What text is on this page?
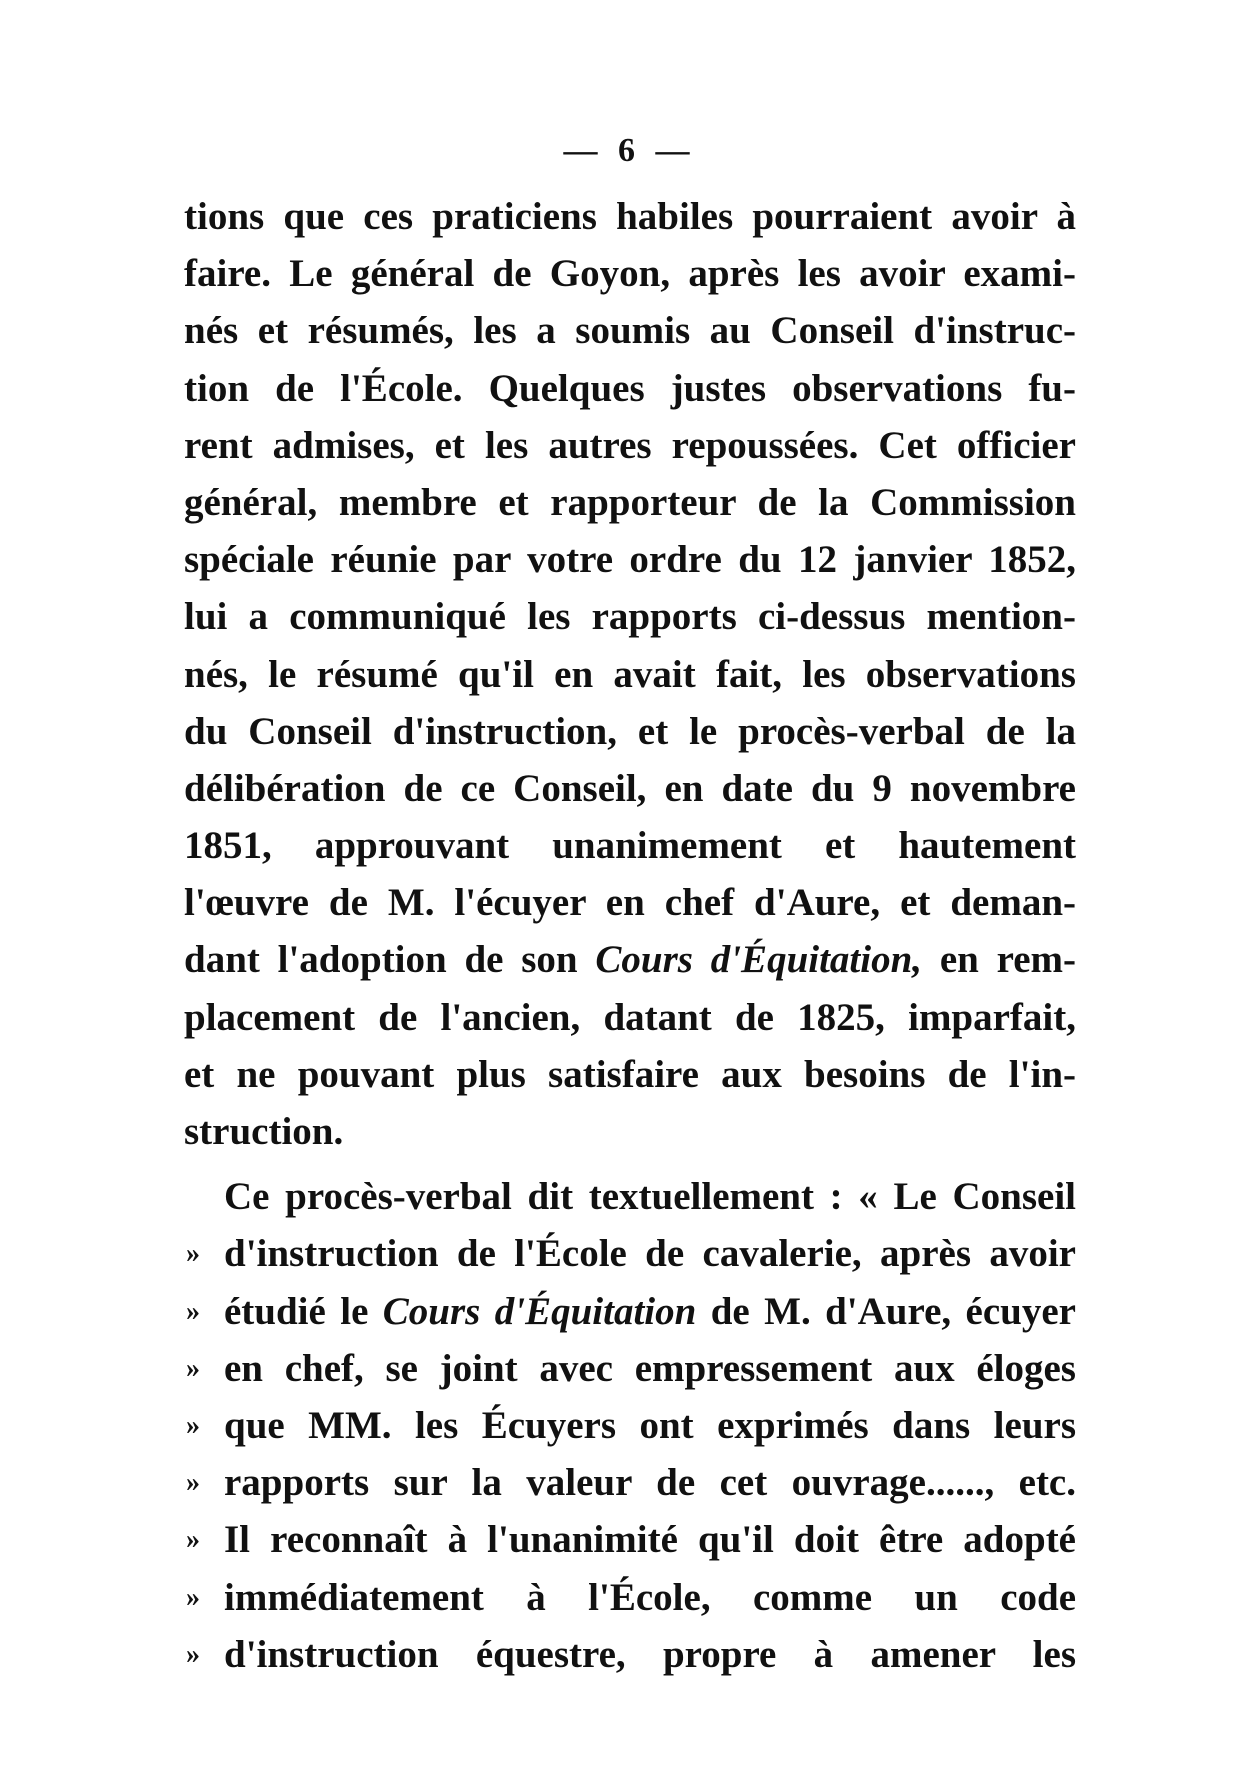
— 6 —
tions que ces praticiens habiles pourraient avoir à
faire. Le général de Goyon, après les avoir exami-
nés et résumés, les a soumis au Conseil d'instruc-
tion de l'École. Quelques justes observations fu-
rent admises, et les autres repoussées. Cet officier
général, membre et rapporteur de la Commission
spéciale réunie par votre ordre du 12 janvier 1852,
lui a communiqué les rapports ci-dessus mention-
nés, le résumé qu'il en avait fait, les observations
du Conseil d'instruction, et le procès-verbal de la
délibération de ce Conseil, en date du 9 novembre
1851, approuvant unanimement et hautement
l'œuvre de M. l'écuyer en chef d'Aure, et deman-
dant l'adoption de son Cours d'Équitation, en rem-
placement de l'ancien, datant de 1825, imparfait,
et ne pouvant plus satisfaire aux besoins de l'in-
struction.
Ce procès-verbal dit textuellement : « Le Conseil
» d'instruction de l'École de cavalerie, après avoir
» étudié le Cours d'Équitation de M. d'Aure, écuyer
» en chef, se joint avec empressement aux éloges
» que MM. les Écuyers ont exprimés dans leurs
» rapports sur la valeur de cet ouvrage......, etc.
» Il reconnaît à l'unanimité qu'il doit être adopté
» immédiatement à l'École, comme un code
» d'instruction équestre, propre à amener les
